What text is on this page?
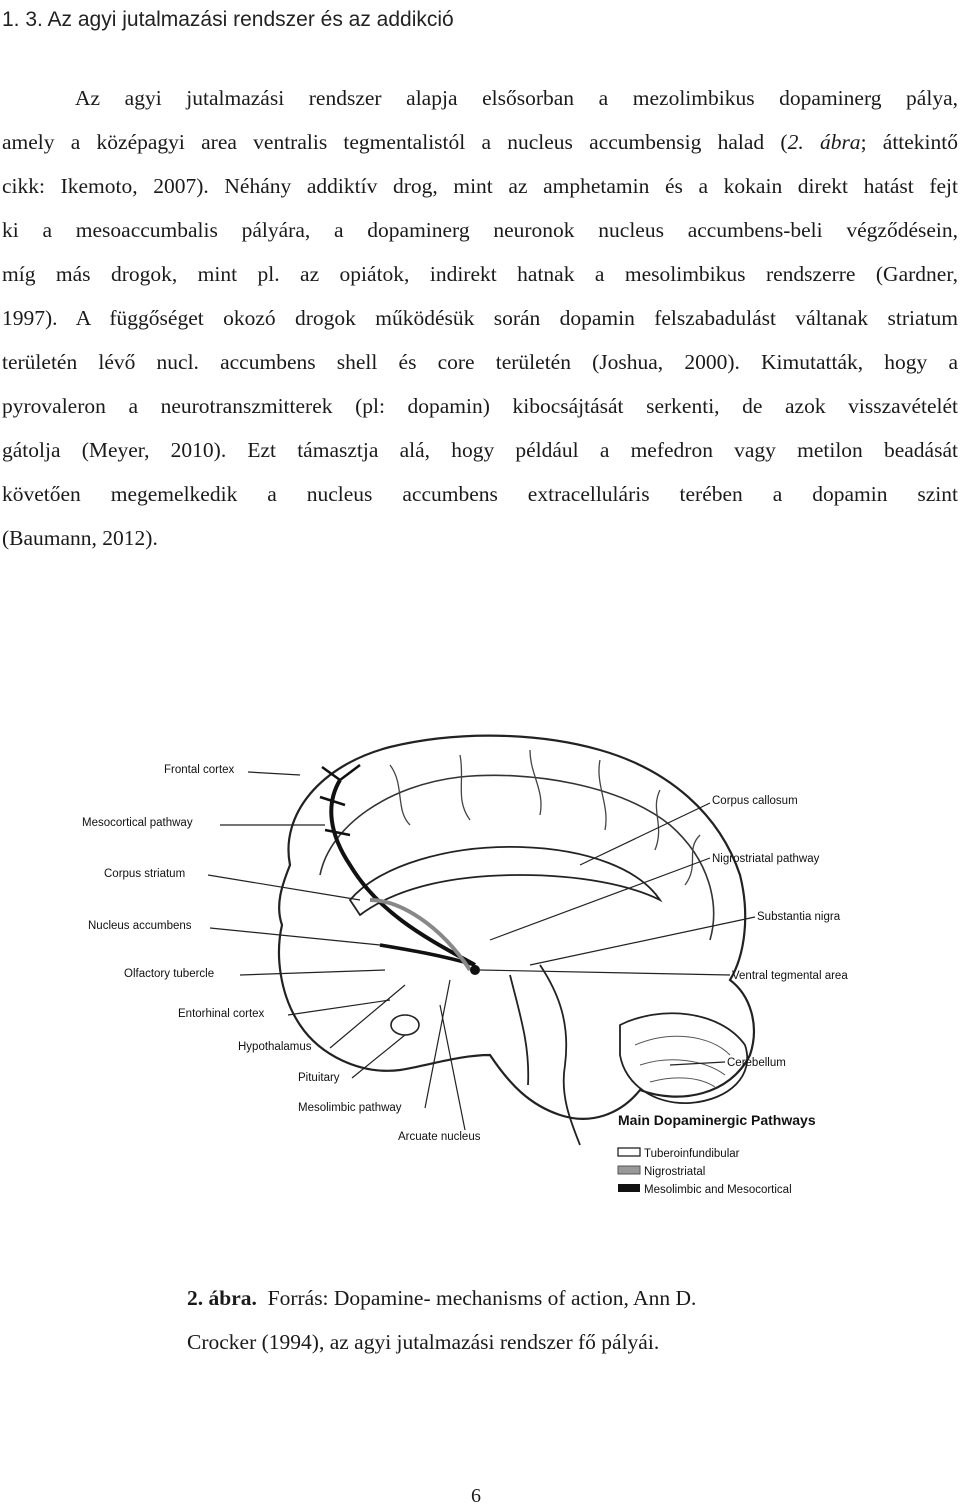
1. 3. Az agyi jutalmazási rendszer és az addikció
Az agyi jutalmazási rendszer alapja elsősorban a mezolimbikus dopaminerg pálya,
amely a középagyi area ventralis tegmentalistól a nucleus accumbensig halad (2. ábra; áttekintő
cikk: Ikemoto, 2007). Néhány addiktív drog, mint az amphetamin és a kokain direkt hatást fejt
ki a mesoaccumbalis pályára, a dopaminerg neuronok nucleus accumbens-beli végződésein,
míg más drogok, mint pl. az opiátok, indirekt hatnak a mesolimbikus rendszerre (Gardner,
1997). A függőséget okozó drogok működésük során dopamin felszabadulást váltanak striatum
területén lévő nucl. accumbens shell és core területén (Joshua, 2000). Kimutatták, hogy a
pyrovaleron a neurotranszmitterek (pl: dopamin) kibocsájtását serkenti, de azok visszavételét
gátolja (Meyer, 2010). Ezt támasztja alá, hogy például a mefedron vagy metilon beadását
követően megemelkedik a nucleus accumbens extracelluláris terében a dopamin szint
(Baumann, 2012).
Frontal cortex
Mesocortical pathway
Corpus striatum
Nucleus accumbens
Olfactory tubercle
Entorhinal cortex
Hypothalamus
Pituitary
Mesolimbic pathway
Arcuate nucleus
Corpus callosum
Nigrostriatal pathway
Substantia nigra
Ventral tegmental area
Cerebellum
Main Dopaminergic Pathways
Tuberoinfundibular
Nigrostriatal
Mesolimbic and Mesocortical
2. ábra. Forrás: Dopamine- mechanisms of action, Ann D.
Crocker (1994), az agyi jutalmazási rendszer fő pályái.
6
